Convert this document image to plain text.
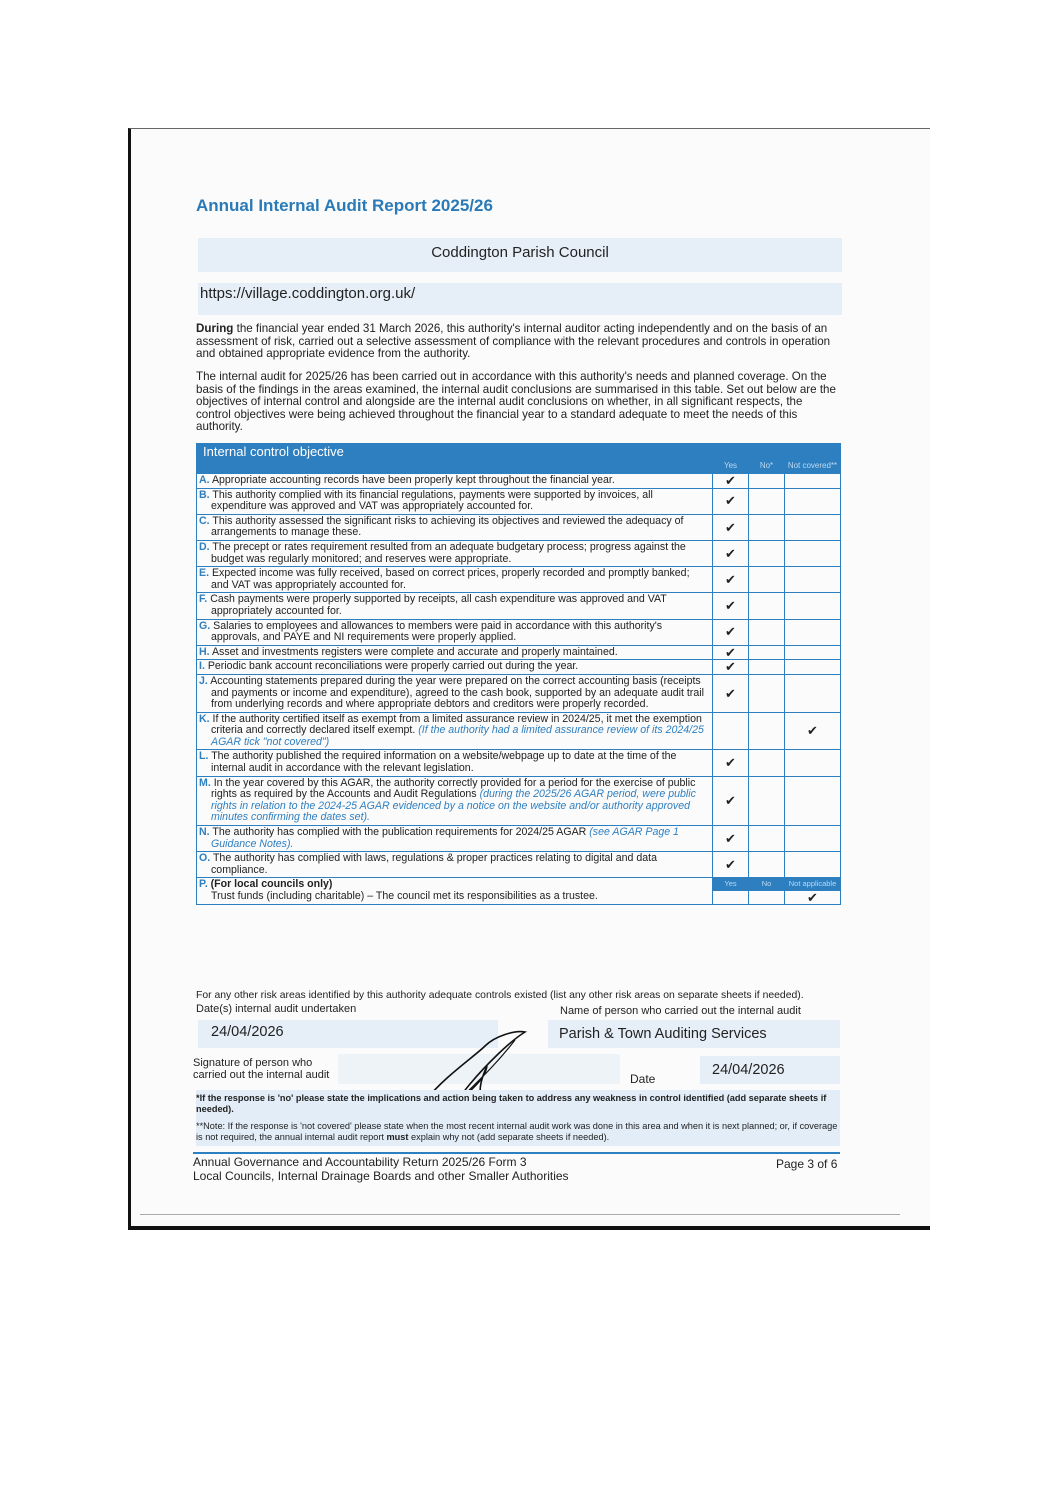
Annual Internal Audit Report 2025/26
Coddington Parish Council
https://village.coddington.org.uk/
During the financial year ended 31 March 2026, this authority's internal auditor acting independently and on the basis of an assessment of risk, carried out a selective assessment of compliance with the relevant procedures and controls in operation and obtained appropriate evidence from the authority.
The internal audit for 2025/26 has been carried out in accordance with this authority's needs and planned coverage. On the basis of the findings in the areas examined, the internal audit conclusions are summarised in this table. Set out below are the objectives of internal control and alongside are the internal audit conclusions on whether, in all significant respects, the control objectives were being achieved throughout the financial year to a standard adequate to meet the needs of this authority.
Internal control objective	Yes	No*	Not covered**

A. Appropriate accounting records have been properly kept throughout the financial year.	✔		

B. This authority complied with its financial regulations, payments were supported by invoices, all expenditure was approved and VAT was appropriately accounted for.	✔		

C. This authority assessed the significant risks to achieving its objectives and reviewed the adequacy of arrangements to manage these.	✔		

D. The precept or rates requirement resulted from an adequate budgetary process; progress against the budget was regularly monitored; and reserves were appropriate.	✔		

E. Expected income was fully received, based on correct prices, properly recorded and promptly banked; and VAT was appropriately accounted for.	✔		

F. Cash payments were properly supported by receipts, all cash expenditure was approved and VAT appropriately accounted for.	✔		

G. Salaries to employees and allowances to members were paid in accordance with this authority's approvals, and PAYE and NI requirements were properly applied.	✔		

H. Asset and investments registers were complete and accurate and properly maintained.	✔		

I. Periodic bank account reconciliations were properly carried out during the year.	✔		

J. Accounting statements prepared during the year were prepared on the correct accounting basis (receipts and payments or income and expenditure), agreed to the cash book, supported by an adequate audit trail from underlying records and where appropriate debtors and creditors were properly recorded.	✔		

K. If the authority certified itself as exempt from a limited assurance review in 2024/25, it met the exemption criteria and correctly declared itself exempt. (If the authority had a limited assurance review of its 2024/25 AGAR tick "not covered")			✔

L. The authority published the required information on a website/webpage up to date at the time of the internal audit in accordance with the relevant legislation.	✔		

M. In the year covered by this AGAR, the authority correctly provided for a period for the exercise of public rights as required by the Accounts and Audit Regulations (during the 2025/26 AGAR period, were public rights in relation to the 2024-25 AGAR evidenced by a notice on the website and/or authority approved minutes confirming the dates set).	✔		

N. The authority has complied with the publication requirements for 2024/25 AGAR (see AGAR Page 1 Guidance Notes).	✔		

O. The authority has complied with laws, regulations & proper practices relating to digital and data compliance.	✔		

P. (For local councils only)
Trust funds (including charitable) – The council met its responsibilities as a trustee.	Yes	No	Not applicable
			✔
For any other risk areas identified by this authority adequate controls existed (list any other risk areas on separate sheets if needed).
Date(s) internal audit undertaken	Name of person who carried out the internal audit
24/04/2026	Parish & Town Auditing Services
Signature of person who carried out the internal audit	Date
24/04/2026
*If the response is 'no' please state the implications and action being taken to address any weakness in control identified (add separate sheets if needed).
**Note: If the response is 'not covered' please state when the most recent internal audit work was done in this area and when it is next planned; or, if coverage is not required, the annual internal audit report must explain why not (add separate sheets if needed).
Annual Governance and Accountability Return 2025/26 Form 3
Local Councils, Internal Drainage Boards and other Smaller Authorities
Page 3 of 6
